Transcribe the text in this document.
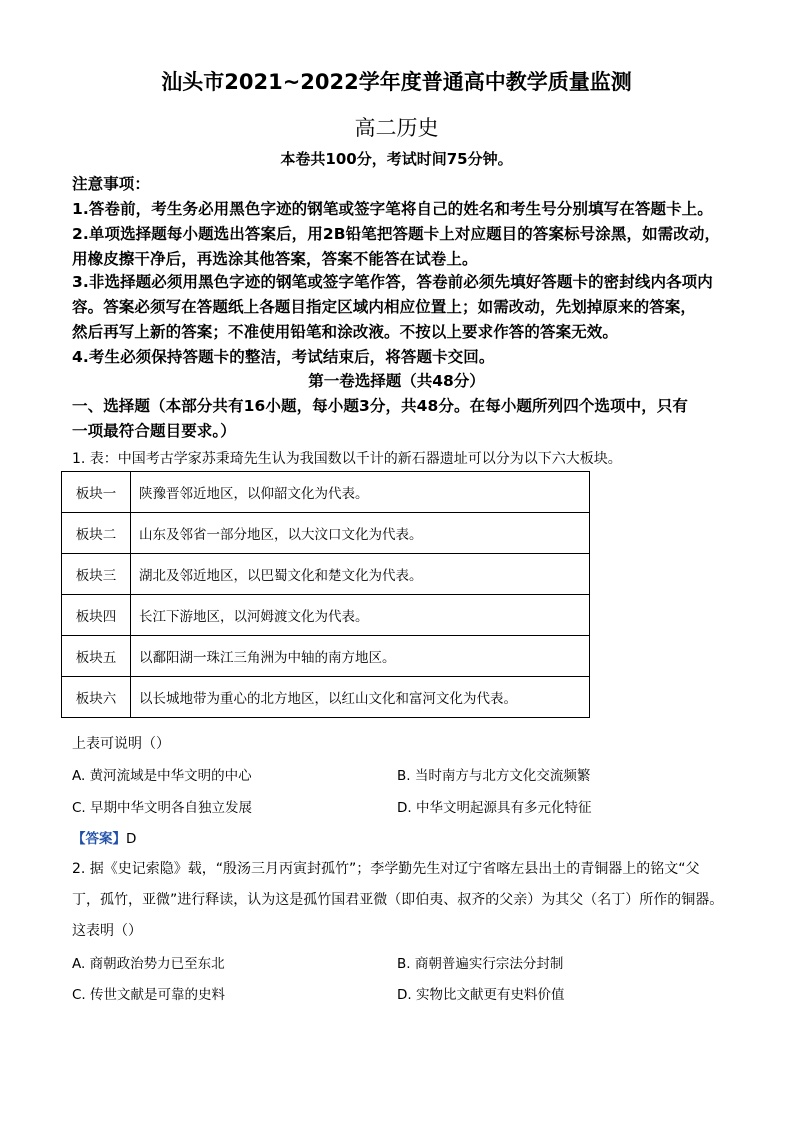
汕头市2021~2022学年度普通高中教学质量监测
高二历史
本卷共100分，考试时间75分钟。
注意事项：
1.答卷前，考生务必用黑色字迹的钢笔或签字笔将自己的姓名和考生号分别填写在答题卡上。
2.单项选择题每小题选出答案后，用2B铅笔把答题卡上对应题目的答案标号涂黑，如需改动，
用橡皮擦干净后，再选涂其他答案，答案不能答在试卷上。
3.非选择题必须用黑色字迹的钢笔或签字笔作答，答卷前必须先填好答题卡的密封线内各项内
容。答案必须写在答题纸上各题目指定区域内相应位置上；如需改动，先划掉原来的答案，
然后再写上新的答案；不准使用铅笔和涂改液。不按以上要求作答的答案无效。
4.考生必须保持答题卡的整洁，考试结束后，将答题卡交回。
第一卷选择题（共48分）
一、选择题（本部分共有16小题，每小题3分，共48分。在每小题所列四个选项中，只有
一项最符合题目要求。）
1. 表：中国考古学家苏秉琦先生认为我国数以千计的新石器遗址可以分为以下六大板块。
板块一	陕豫晋邻近地区，以仰韶文化为代表。
板块二	山东及邻省一部分地区，以大汶口文化为代表。
板块三	湖北及邻近地区，以巴蜀文化和楚文化为代表。
板块四	长江下游地区，以河姆渡文化为代表。
板块五	以鄱阳湖一珠江三角洲为中轴的南方地区。
板块六	以长城地带为重心的北方地区，以红山文化和富河文化为代表。
上表可说明（）
A. 黄河流域是中华文明的中心	B. 当时南方与北方文化交流频繁
C. 早期中华文明各自独立发展	D. 中华文明起源具有多元化特征
【答案】D
2. 据《史记索隐》载，“殷汤三月丙寅封孤竹”；李学勤先生对辽宁省喀左县出土的青铜器上的铭文“父
丁，孤竹，亚微”进行释读，认为这是孤竹国君亚微（即伯夷、叔齐的父亲）为其父（名丁）所作的铜器。
这表明（）
A. 商朝政治势力已至东北	B. 商朝普遍实行宗法分封制
C. 传世文献是可靠的史料	D. 实物比文献更有史料价值
